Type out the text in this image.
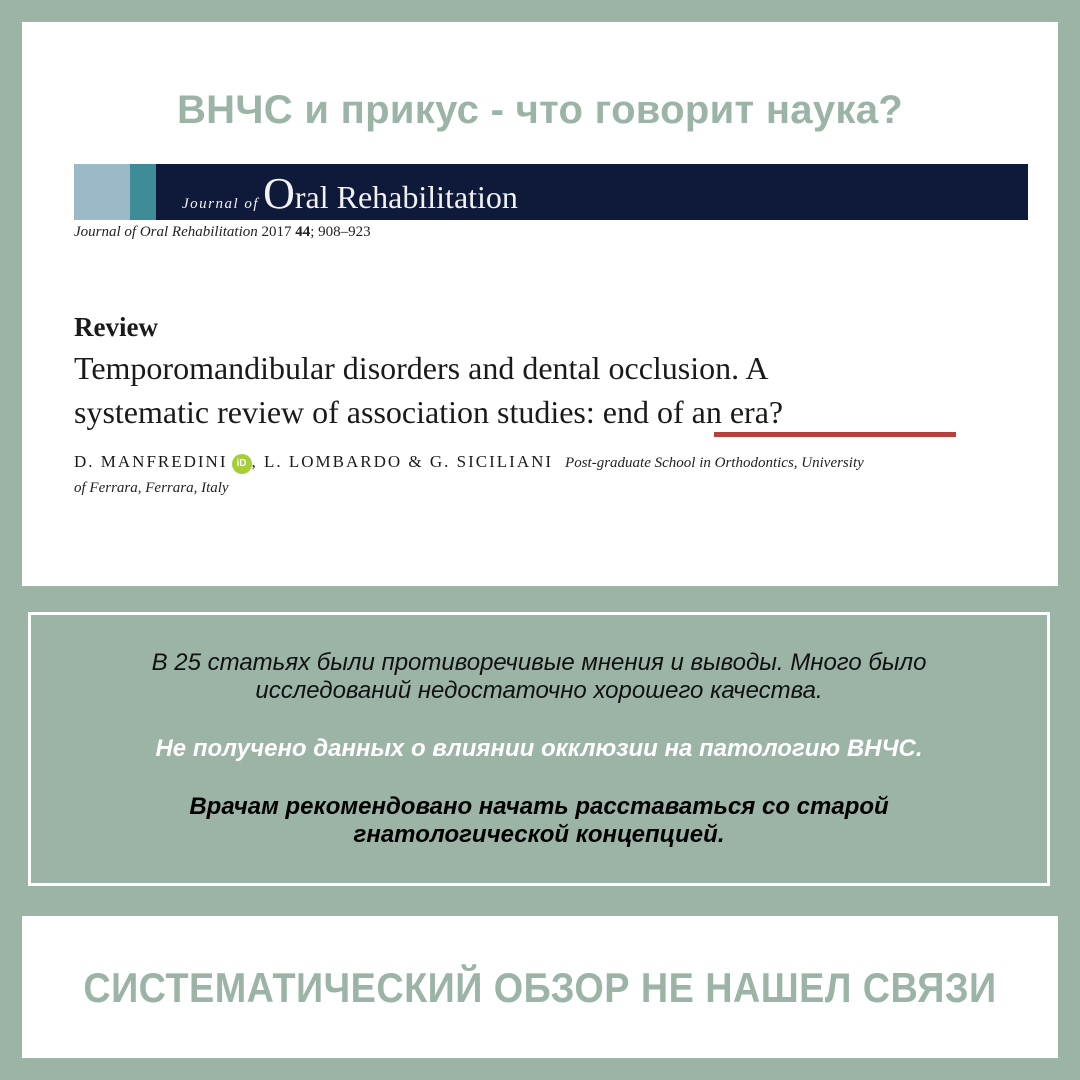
ВНЧС и прикус - что говорит наука?
Journal of Oral Rehabilitation
Journal of Oral Rehabilitation 2017 44; 908–923
Review
Temporomandibular disorders and dental occlusion. A
systematic review of association studies: end of an era?
D. MANFREDINI iD , L. LOMBARDO & G. SICILIANI Post-graduate School in Orthodontics, University
of Ferrara, Ferrara, Italy
В 25 статьях были противоречивые мнения и выводы. Много было исследований недостаточно хорошего качества.
Не получено данных о влиянии окклюзии на патологию ВНЧС.
Врачам рекомендовано начать расставаться со старой гнатологической концепцией.
СИСТЕМАТИЧЕСКИЙ ОБЗОР НЕ НАШЕЛ СВЯЗИ
